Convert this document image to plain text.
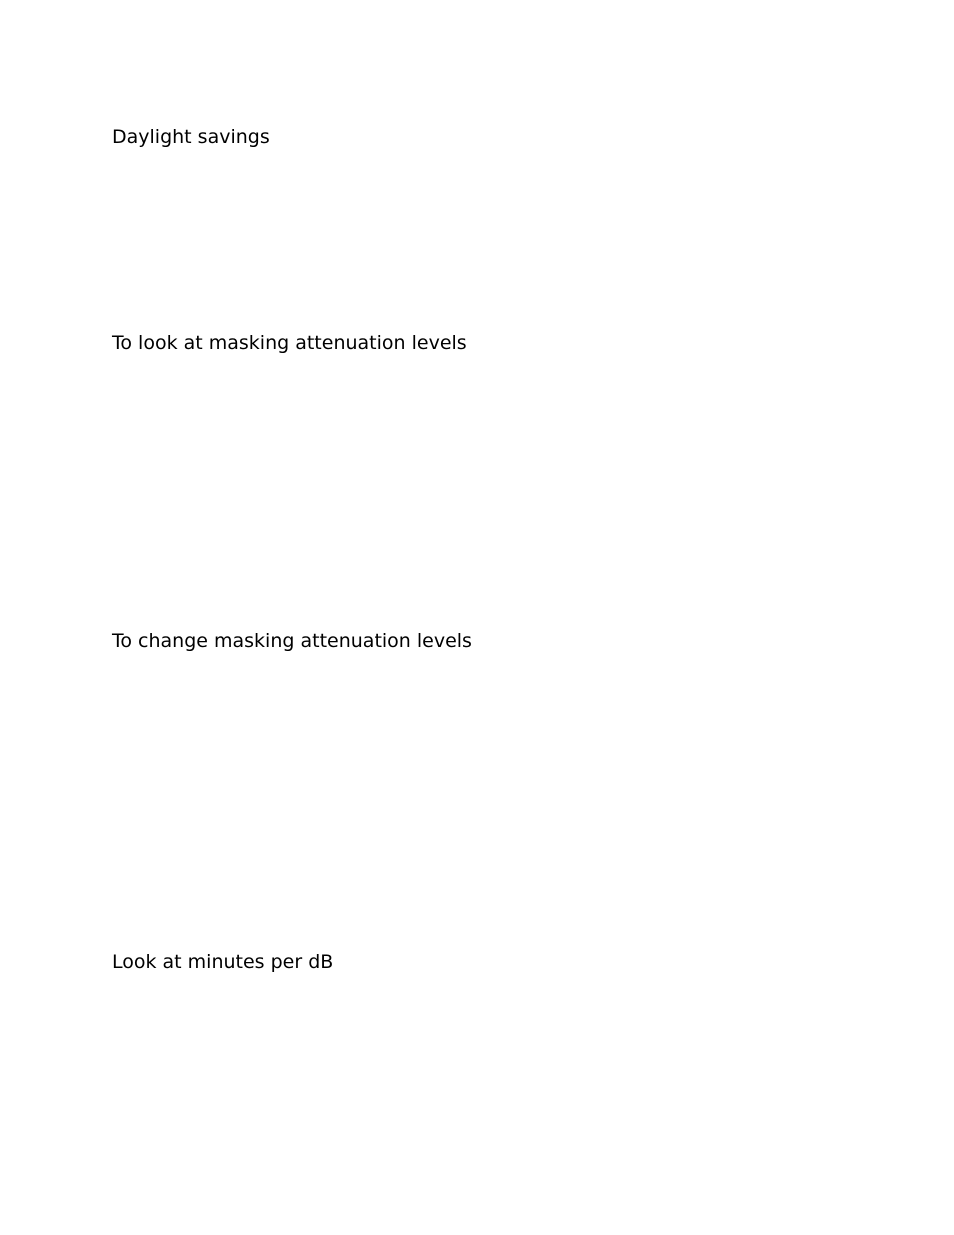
Daylight savings

To look at masking attenuation levels

To change masking attenuation levels

Look at minutes per dB
